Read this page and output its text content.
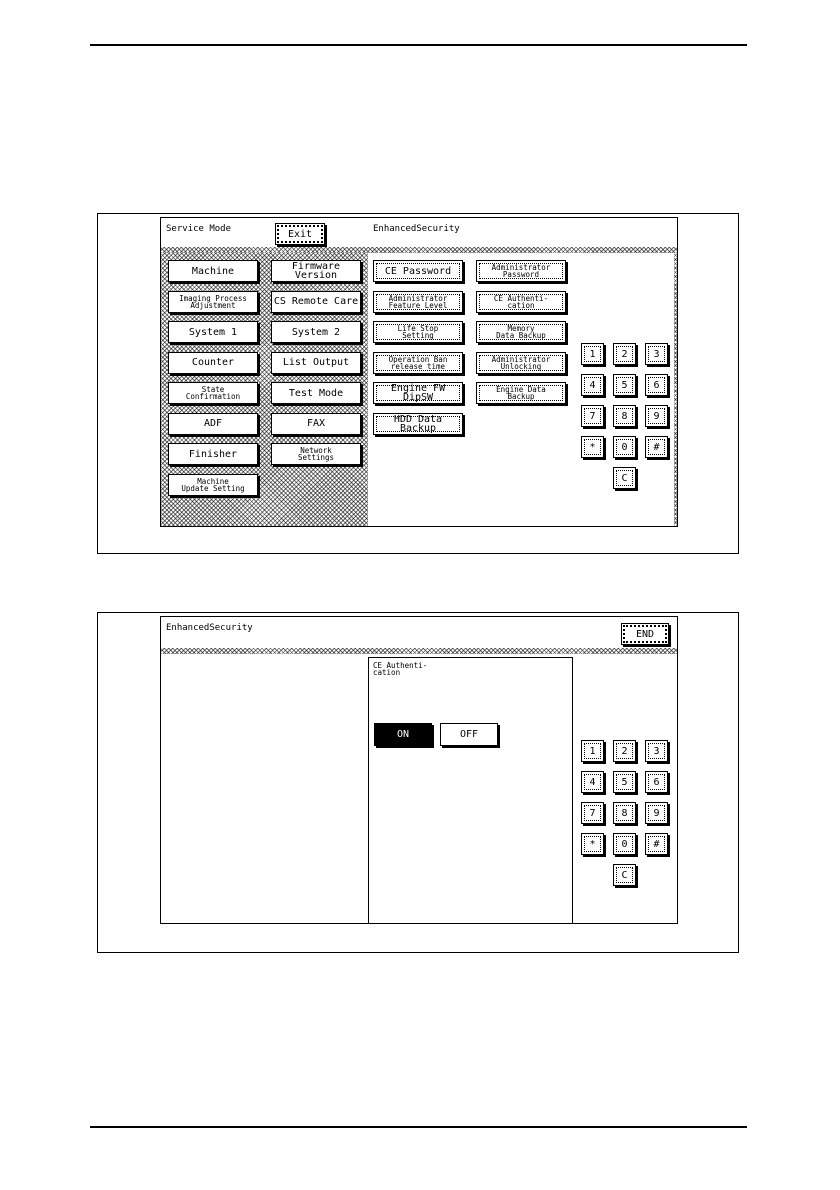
Service Mode	Exit	EnhancedSecurity
Machine	Firmware Version
Imaging Process
Adjustment	CS Remote Care
System 1	System 2
Counter	List Output
State
Confirmation	Test Mode
ADF	FAX
Finisher	Network
Settings
Machine
Update Setting
CE Password	Administrator
Password
Administrator
Feature Level
CE Authenti-
cation
Life Stop
Setting
Memory
Data Backup
Operation Ban
release time
Administrator
Unlocking
Engine FW DipSW
Engine Data
Backup
HDD Data Backup
1	2	3
4	5	6
7	8	9
*	0	#
C
EnhancedSecurity
END
CE Authenti-
cation
ON	OFF
1	2	3
4	5	6
7	8	9
*	0	#
C
